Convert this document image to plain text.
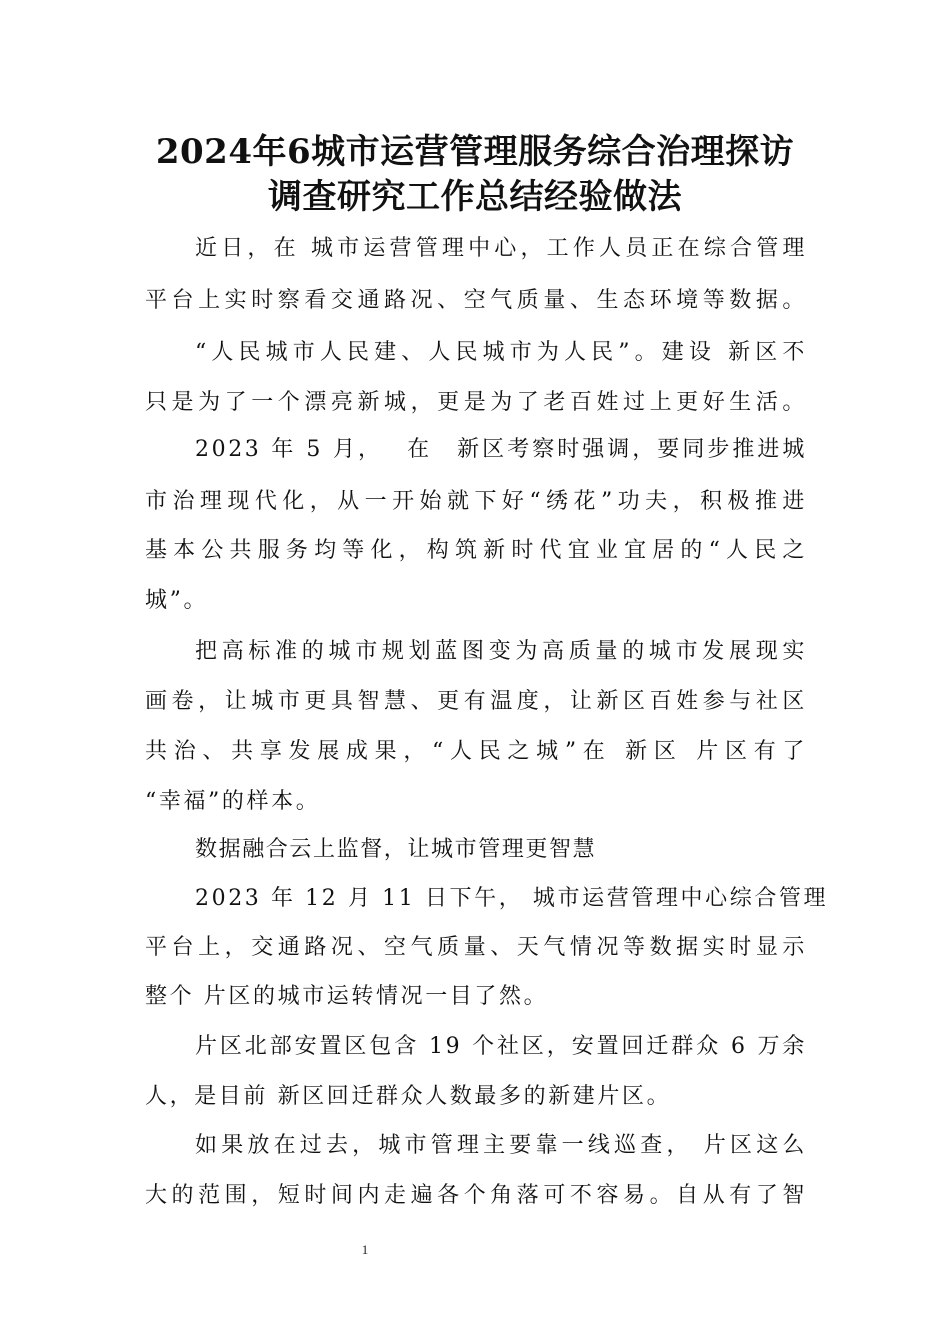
2024年6城市运营管理服务综合治理探访
调查研究工作总结经验做法
近日，在 城市运营管理中心，工作人员正在综合管理
平台上实时察看交通路况、空气质量、生态环境等数据。
“人民城市人民建、人民城市为人民”。建设 新区不
只是为了一个漂亮新城，更是为了老百姓过上更好生活。
2023 年 5 月，　 在　新区考察时强调，要同步推进城
市治理现代化，从一开始就下好“绣花”功夫，积极推进
基本公共服务均等化，构筑新时代宜业宜居的“人民之
城”。
把高标准的城市规划蓝图变为高质量的城市发展现实
画卷，让城市更具智慧、更有温度，让新区百姓参与社区
共治、共享发展成果，“人民之城”在 新区 片区有了
“幸福”的样本。
数据融合云上监督，让城市管理更智慧
2023 年 12 月 11 日下午， 城市运营管理中心综合管理
平台上，交通路况、空气质量、天气情况等数据实时显示
整个 片区的城市运转情况一目了然。
片区北部安置区包含 19 个社区，安置回迁群众 6 万余
人，是目前 新区回迁群众人数最多的新建片区。
如果放在过去，城市管理主要靠一线巡查， 片区这么
大的范围，短时间内走遍各个角落可不容易。自从有了智
1
